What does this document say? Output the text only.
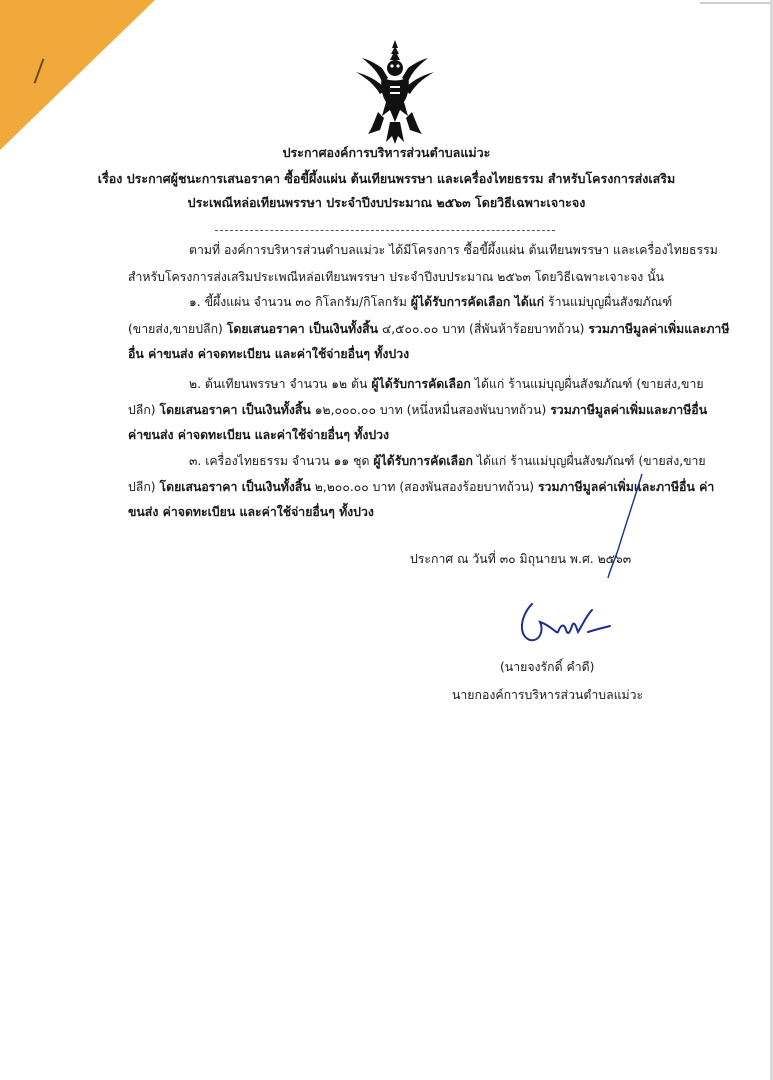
ประกาศองค์การบริหารส่วนตำบลแม่วะ
เรื่อง ประกาศผู้ชนะการเสนอราคา ซื้อขี้ผึ้งแผ่น ต้นเทียนพรรษา และเครื่องไทยธรรม สำหรับโครงการส่งเสริม
ประเพณีหล่อเทียนพรรษา ประจำปีงบประมาณ ๒๕๖๓ โดยวิธีเฉพาะเจาะจง
ตามที่ องค์การบริหารส่วนตำบลแม่วะ ได้มีโครงการ ซื้อขี้ผึ้งแผ่น ต้นเทียนพรรษา และเครื่องไทยธรรม
สำหรับโครงการส่งเสริมประเพณีหล่อเทียนพรรษา ประจำปีงบประมาณ ๒๕๖๓ โดยวิธีเฉพาะเจาะจง นั้น
๑. ขี้ผึ้งแผ่น จำนวน ๓๐ กิโลกรัม/กิโลกรัม ผู้ได้รับการคัดเลือก ได้แก่ ร้านแม่บุญผื่นสังฆภัณฑ์
(ขายส่ง,ขายปลีก) โดยเสนอราคา เป็นเงินทั้งสิ้น ๔,๕๐๐.๐๐ บาท (สี่พันห้าร้อยบาทถ้วน) รวมภาษีมูลค่าเพิ่มและภาษี
อื่น ค่าขนส่ง ค่าจดทะเบียน และค่าใช้จ่ายอื่นๆ ทั้งปวง
๒. ต้นเทียนพรรษา จำนวน ๑๒ ต้น ผู้ได้รับการคัดเลือก ได้แก่ ร้านแม่บุญผื่นสังฆภัณฑ์ (ขายส่ง,ขาย
ปลีก) โดยเสนอราคา เป็นเงินทั้งสิ้น ๑๒,๐๐๐.๐๐ บาท (หนึ่งหมื่นสองพันบาทถ้วน) รวมภาษีมูลค่าเพิ่มและภาษีอื่น
ค่าขนส่ง ค่าจดทะเบียน และค่าใช้จ่ายอื่นๆ ทั้งปวง
๓. เครื่องไทยธรรม จำนวน ๑๑ ชุด ผู้ได้รับการคัดเลือก ได้แก่ ร้านแม่บุญผื่นสังฆภัณฑ์ (ขายส่ง,ขาย
ปลีก) โดยเสนอราคา เป็นเงินทั้งสิ้น ๒,๒๐๐.๐๐ บาท (สองพันสองร้อยบาทถ้วน) รวมภาษีมูลค่าเพิ่มและภาษีอื่น ค่า
ขนส่ง ค่าจดทะเบียน และค่าใช้จ่ายอื่นๆ ทั้งปวง
ประกาศ ณ วันที่ ๓๐ มิถุนายน พ.ศ. ๒๕๖๓
(นายจงรักดิ์ คำดี)
นายกองค์การบริหารส่วนตำบลแม่วะ
